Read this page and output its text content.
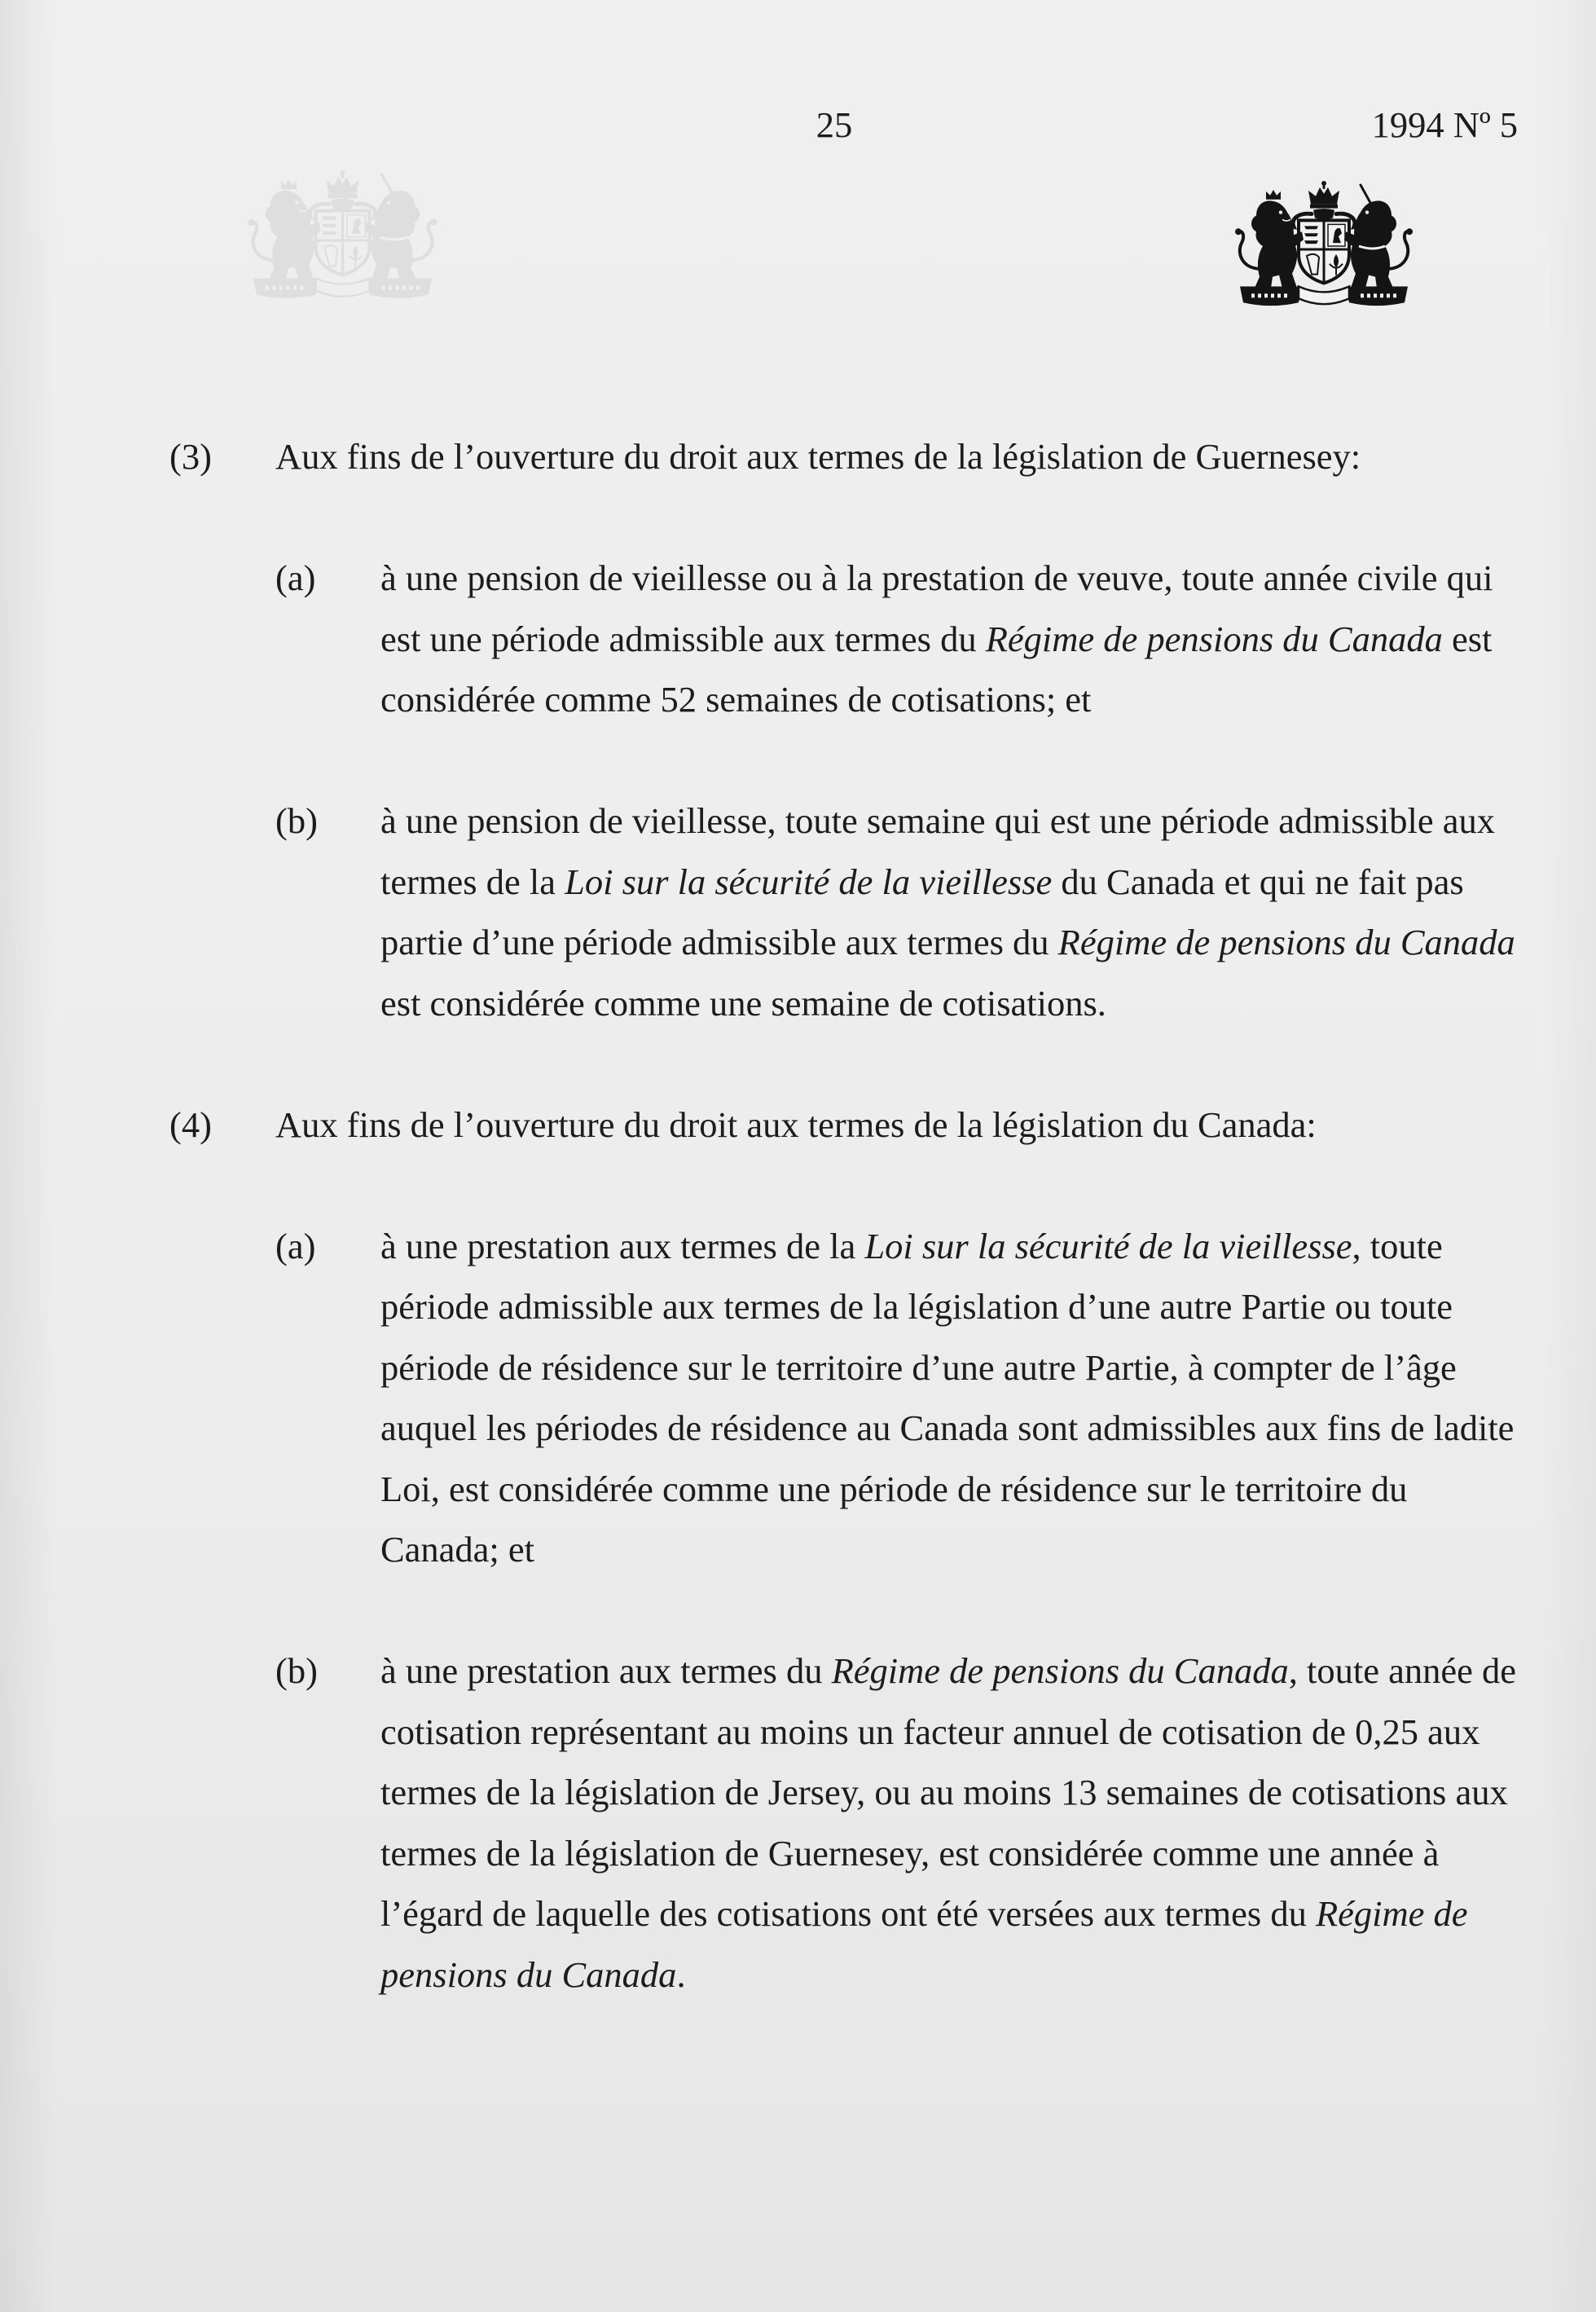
25	1994 Nº 5
(3) Aux fins de l’ouverture du droit aux termes de la législation de Guernesey:
(a) à une pension de vieillesse ou à la prestation de veuve, toute année civile qui
est une période admissible aux termes du Régime de pensions du Canada est
considérée comme 52 semaines de cotisations; et
(b) à une pension de vieillesse, toute semaine qui est une période admissible aux
termes de la Loi sur la sécurité de la vieillesse du Canada et qui ne fait pas
partie d’une période admissible aux termes du Régime de pensions du Canada
est considérée comme une semaine de cotisations.
(4) Aux fins de l’ouverture du droit aux termes de la législation du Canada:
(a) à une prestation aux termes de la Loi sur la sécurité de la vieillesse, toute
période admissible aux termes de la législation d’une autre Partie ou toute
période de résidence sur le territoire d’une autre Partie, à compter de l’âge
auquel les périodes de résidence au Canada sont admissibles aux fins de ladite
Loi, est considérée comme une période de résidence sur le territoire du
Canada; et
(b) à une prestation aux termes du Régime de pensions du Canada, toute année de
cotisation représentant au moins un facteur annuel de cotisation de 0,25 aux
termes de la législation de Jersey, ou au moins 13 semaines de cotisations aux
termes de la législation de Guernesey, est considérée comme une année à
l’égard de laquelle des cotisations ont été versées aux termes du Régime de
pensions du Canada.
